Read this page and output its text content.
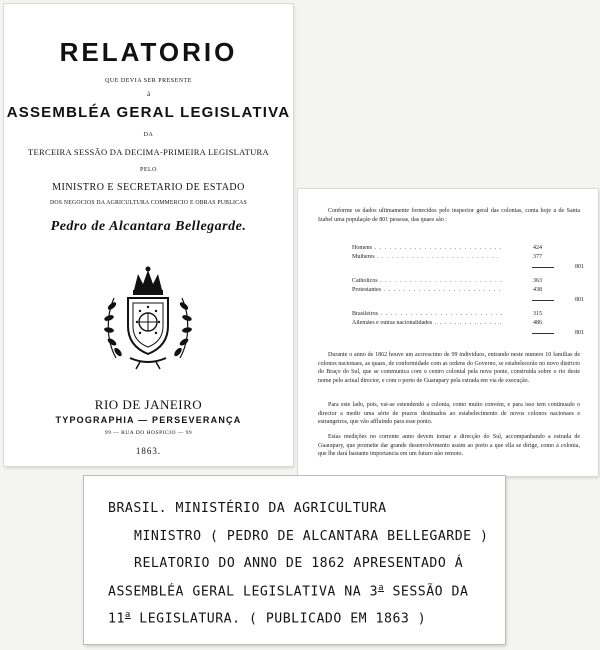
RELATORIO
QUE DEVIA SER PRESENTE
á
ASSEMBLÉA GERAL LEGISLATIVA
DA
TERCEIRA SESSÃO DA DECIMA-PRIMEIRA LEGISLATURA
PELO
MINISTRO E SECRETARIO DE ESTADO
DOS NEGOCIOS DA AGRICULTURA COMMERCIO E OBRAS PUBLICAS
Pedro de Alcantara Bellegarde.
RIO DE JANEIRO
TYPOGRAPHIA — PERSEVERANÇA
99 — RUA DO HOSPICIO — 99
1863.
Conforme os dados ultimamente fornecidos pelo inspector geral das colonias, conta hoje a de Santa Izabel uma população de 801 pessoas, das quaes são :
Homens . . .	424
Mulheres . . .	377
801
Catholicos . . .	363
Protestantes . . .	438
801
Brasileiros . . .	315
Allemães e outras nacionalidades . . .	486
801
Durante o anno de 1862 houve um accrescimo de 99 individuos, entrando neste numero 10 familias de colonos nacionaes, as quaes, de conformidade com as ordens do Governo, se estabelecerão no novo districto do Braço do Sul, que se communica com o centro colonial pela nova ponte, construida sobre o rio deste nome pelo actual director, e com o porto de Guarapary pela estrada em via de execução.
Para este lado, pois, vai-se estendendo a colonia, como muito convém, e para isso tem continuado o director a medir uma série de prazos destinados ao estabelecimento de novos colonos nacionaes e estrangeiros, que vão affluindo para esse ponto.
Estas medições no corrente anno devem tomar a direcção do Sul, accompanhando a estrada de Guarapary, que promette dar grande desenvolvimento assim ao porto a que ella se dirige, como á colonia, que lhe dará bastante importancia em um futuro não remoto.
BRASIL. MINISTÉRIO DA AGRICULTURA
MINISTRO ( PEDRO DE ALCANTARA BELLEGARDE )
RELATORIO DO ANNO DE 1862 APRESENTADO Á
ASSEMBLÉA GERAL LEGISLATIVA NA 3$^a$ SESSÃO DA
11$^a$ LEGISLATURA. ( PUBLICADO EM 1863 )
